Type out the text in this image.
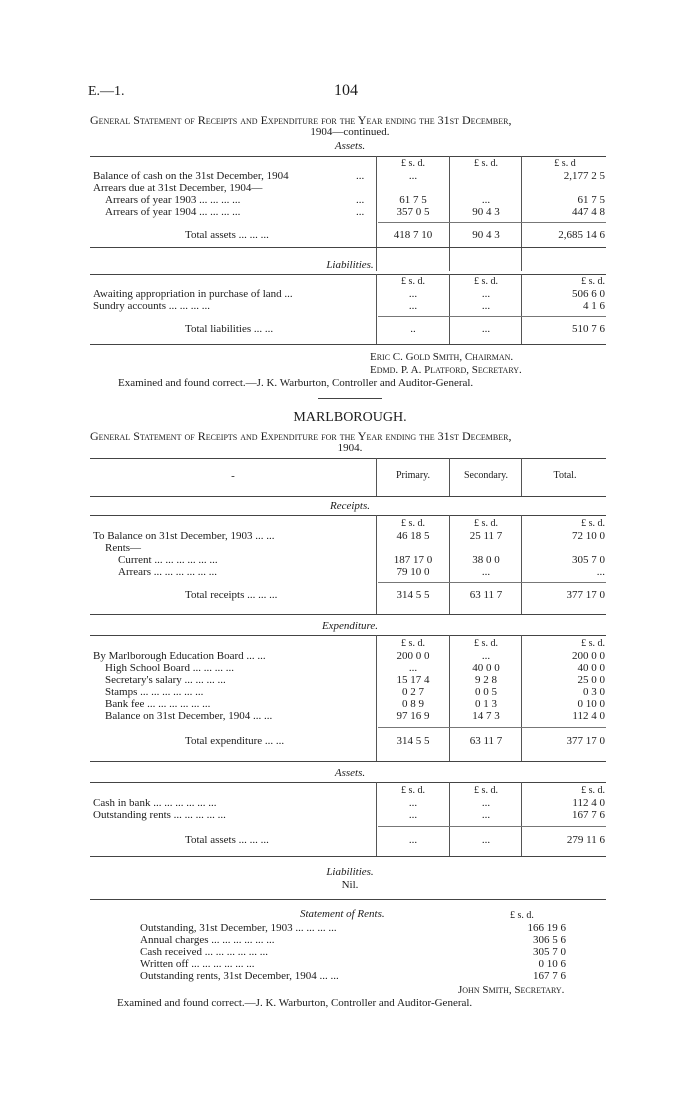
E.—1.	104
General Statement of Receipts and Expenditure for the Year ending the 31st December,
1904—continued.
Assets.
£ s. d.	£ s. d.	£ s. d
Balance of cash on the 31st December, 1904	...	...	2,177 2 5
Arrears due at 31st December, 1904—
Arrears of year 1903 ... ... ... ...	...	61 7 5	...	61 7 5
Arrears of year 1904 ... ... ... ...	...	357 0 5	90 4 3	447 4 8
Total assets ... ... ...	418 7 10	90 4 3	2,685 14 6
Liabilities.
£ s. d.	£ s. d.	£ s. d.
Awaiting appropriation in purchase of land ...	...	...	506 6 0
Sundry accounts ... ... ... ...	...	...	4 1 6
Total liabilities ... ...	..	...	510 7 6
Eric C. Gold Smith, Chairman.
Edmd. P. A. Platford, Secretary.
Examined and found correct.—J. K. Warburton, Controller and Auditor-General.
MARLBOROUGH.
General Statement of Receipts and Expenditure for the Year ending the 31st December,
1904.
-	Primary.	Secondary.	Total.
Receipts.
£ s. d.	£ s. d.	£ s. d.
To Balance on 31st December, 1903 ... ...	46 18 5	25 11 7	72 10 0
Rents—
Current ... ... ... ... ... ...	187 17 0	38 0 0	305 7 0
Arrears ... ... ... ... ... ...	79 10 0	...	...
Total receipts ... ... ...	314 5 5	63 11 7	377 17 0
Expenditure.
£ s. d.	£ s. d.	£ s. d.
By Marlborough Education Board ... ...	200 0 0	...	200 0 0
High School Board ... ... ... ...	...	40 0 0	40 0 0
Secretary's salary ... ... ... ...	15 17 4	9 2 8	25 0 0
Stamps ... ... ... ... ... ...	0 2 7	0 0 5	0 3 0
Bank fee ... ... ... ... ... ...	0 8 9	0 1 3	0 10 0
Balance on 31st December, 1904 ... ...	97 16 9	14 7 3	112 4 0
Total expenditure ... ...	314 5 5	63 11 7	377 17 0
Assets.
£ s. d.	£ s. d.	£ s. d.
Cash in bank ... ... ... ... ... ...	...	...	112 4 0
Outstanding rents ... ... ... ... ...	...	...	167 7 6
Total assets ... ... ...	...	...	279 11 6
Liabilities.
Nil.
Statement of Rents.	£ s. d.
Outstanding, 31st December, 1903 ... ... ... ...	166 19 6
Annual charges ... ... ... ... ... ...	306 5 6
Cash received ... ... ... ... ... ...	305 7 0
Written off ... ... ... ... ... ...	0 10 6
Outstanding rents, 31st December, 1904 ... ...	167 7 6
John Smith, Secretary.
Examined and found correct.—J. K. Warburton, Controller and Auditor-General.
